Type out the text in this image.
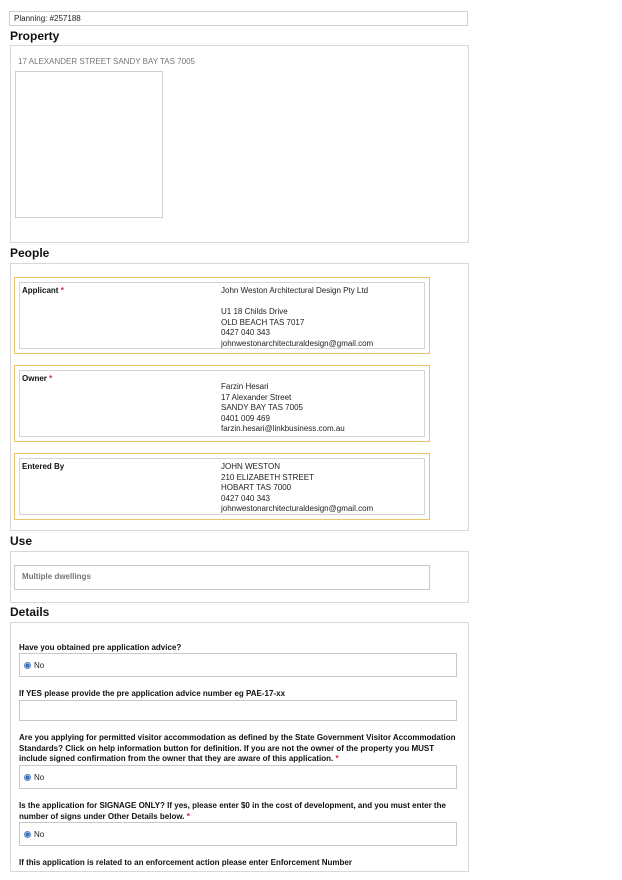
Planning: #257188
Property
17 ALEXANDER STREET SANDY BAY TAS 7005
People
Applicant *	John Weston Architectural Design Pty Ltd
U1 18 Childs Drive
OLD BEACH TAS 7017
0427 040 343
johnwestonarchitecturaldesign@gmail.com
Owner *
Farzin Hesari
17 Alexander Street
SANDY BAY TAS 7005
0401 009 469
farzin.hesari@linkbusiness.com.au
Entered By	JOHN WESTON
210 ELIZABETH STREET
HOBART TAS 7000
0427 040 343
johnwestonarchitecturaldesign@gmail.com
Use
Multiple dwellings
Details
Have you obtained pre application advice?
No
If YES please provide the pre application advice number eg PAE-17-xx
Are you applying for permitted visitor accommodation as defined by the State Government Visitor Accommodation
Standards? Click on help information button for definition. If you are not the owner of the property you MUST
include signed confirmation from the owner that they are aware of this application. *
No
Is the application for SIGNAGE ONLY? If yes, please enter $0 in the cost of development, and you must enter the
number of signs under Other Details below. *
No
If this application is related to an enforcement action please enter Enforcement Number
